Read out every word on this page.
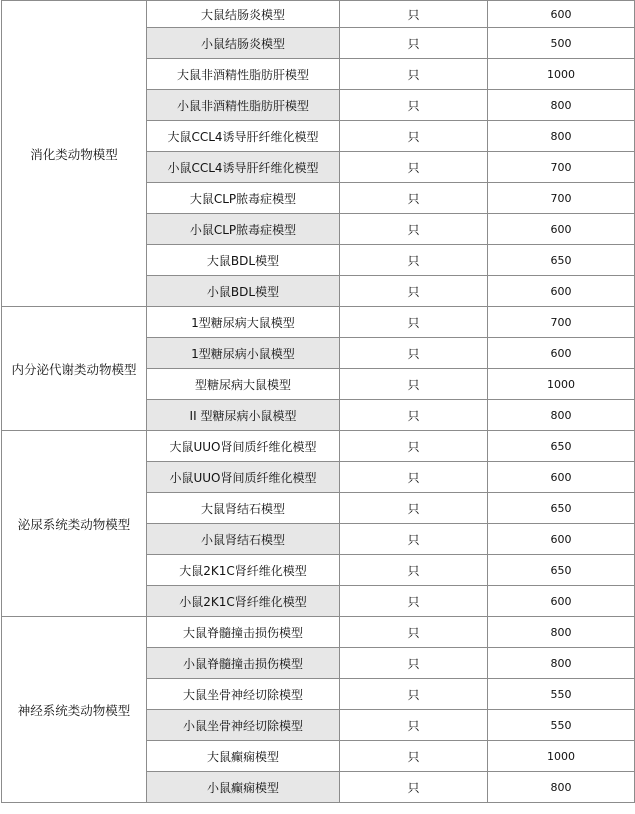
消化类动物模型	大鼠结肠炎模型	只	600
	小鼠结肠炎模型	只	500
	大鼠非酒精性脂肪肝模型	只	1000
	小鼠非酒精性脂肪肝模型	只	800
	大鼠CCL4诱导肝纤维化模型	只	800
	小鼠CCL4诱导肝纤维化模型	只	700
	大鼠CLP脓毒症模型	只	700
	小鼠CLP脓毒症模型	只	600
	大鼠BDL模型	只	650
	小鼠BDL模型	只	600
内分泌代谢类动物模型	1型糖尿病大鼠模型	只	700
	1型糖尿病小鼠模型	只	600
	型糖尿病大鼠模型	只	1000
	II 型糖尿病小鼠模型	只	800
泌尿系统类动物模型	大鼠UUO肾间质纤维化模型	只	650
	小鼠UUO肾间质纤维化模型	只	600
	大鼠肾结石模型	只	650
	小鼠肾结石模型	只	600
	大鼠2K1C肾纤维化模型	只	650
	小鼠2K1C肾纤维化模型	只	600
神经系统类动物模型	大鼠脊髓撞击损伤模型	只	800
	小鼠脊髓撞击损伤模型	只	800
	大鼠坐骨神经切除模型	只	550
	小鼠坐骨神经切除模型	只	550
	大鼠癫痫模型	只	1000
	小鼠癫痫模型	只	800
